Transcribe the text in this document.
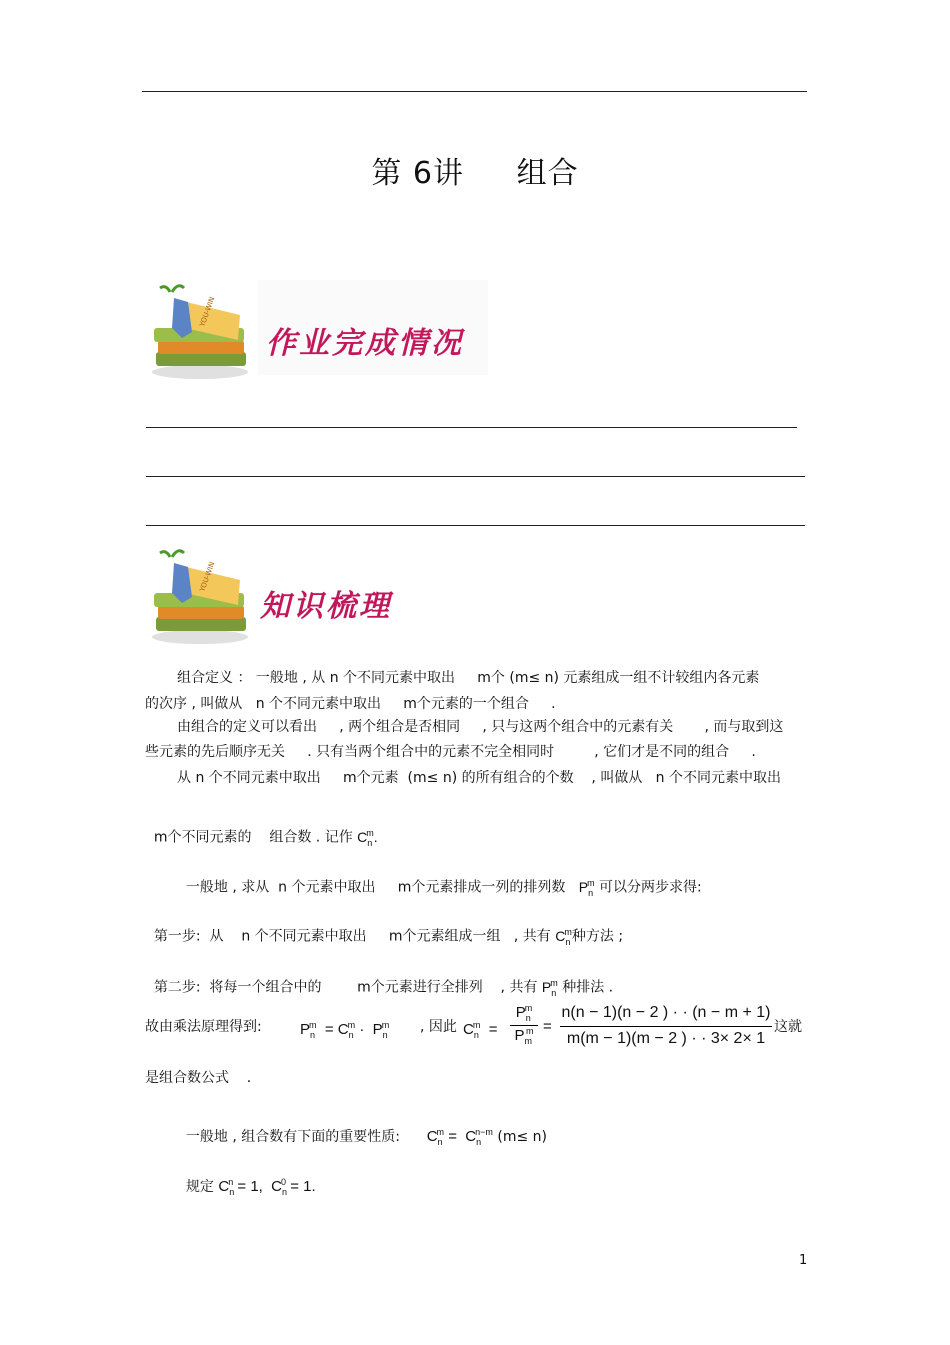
第 6讲 组合
YOU-WIN
作业完成情况
YOU-WIN
知识梳理
组合定义 ： 一般地 , 从 n 个不同元素中取出     m个 (m≤ n) 元素组成一组不计较组内各元素
的次序 , 叫做从   n 个不同元素中取出     m个元素的一个组合     .
由组合的定义可以看出     , 两个组合是否相同     , 只与这两个组合中的元素有关       , 而与取到这
些元素的先后顺序无关     . 只有当两个组合中的元素不完全相同时         , 它们才是不同的组合     .
从 n 个不同元素中取出     m个元素  (m≤ n) 的所有组合的个数    , 叫做从   n 个不同元素中取出

m个不同元素的    组合数 . 记作 $C_n^m$.

一般地 , 求从  n 个元素中取出     m个元素排成一列的排列数 $P_n^m$ 可以分两步求得:

第一步:  从    n 个不同元素中取出     m个元素组成一组   , 共有 $C_n^m$种方法 ;

第二步:  将每一个组合中的        m个元素进行全排列    , 共有 $P_n^m$ 种排法 .

故由乘法原理得到:	$P_n^m = C_n^m \cdot P_n^m$ , 因此 $C_n^m$  =
$P_n^m$
$P_m^m$ =
n(n − 1)(n − 2 ) · · (n − m + 1)
m(m − 1)(m − 2 ) · · 3× 2× 1
这就
是组合数公式    .

一般地 , 组合数有下面的重要性质: $C_n^m = C_n^{n-m}$ (m≤ n)

规定 $C_n^n = 1$,  $C_n^0 = 1$.

1
